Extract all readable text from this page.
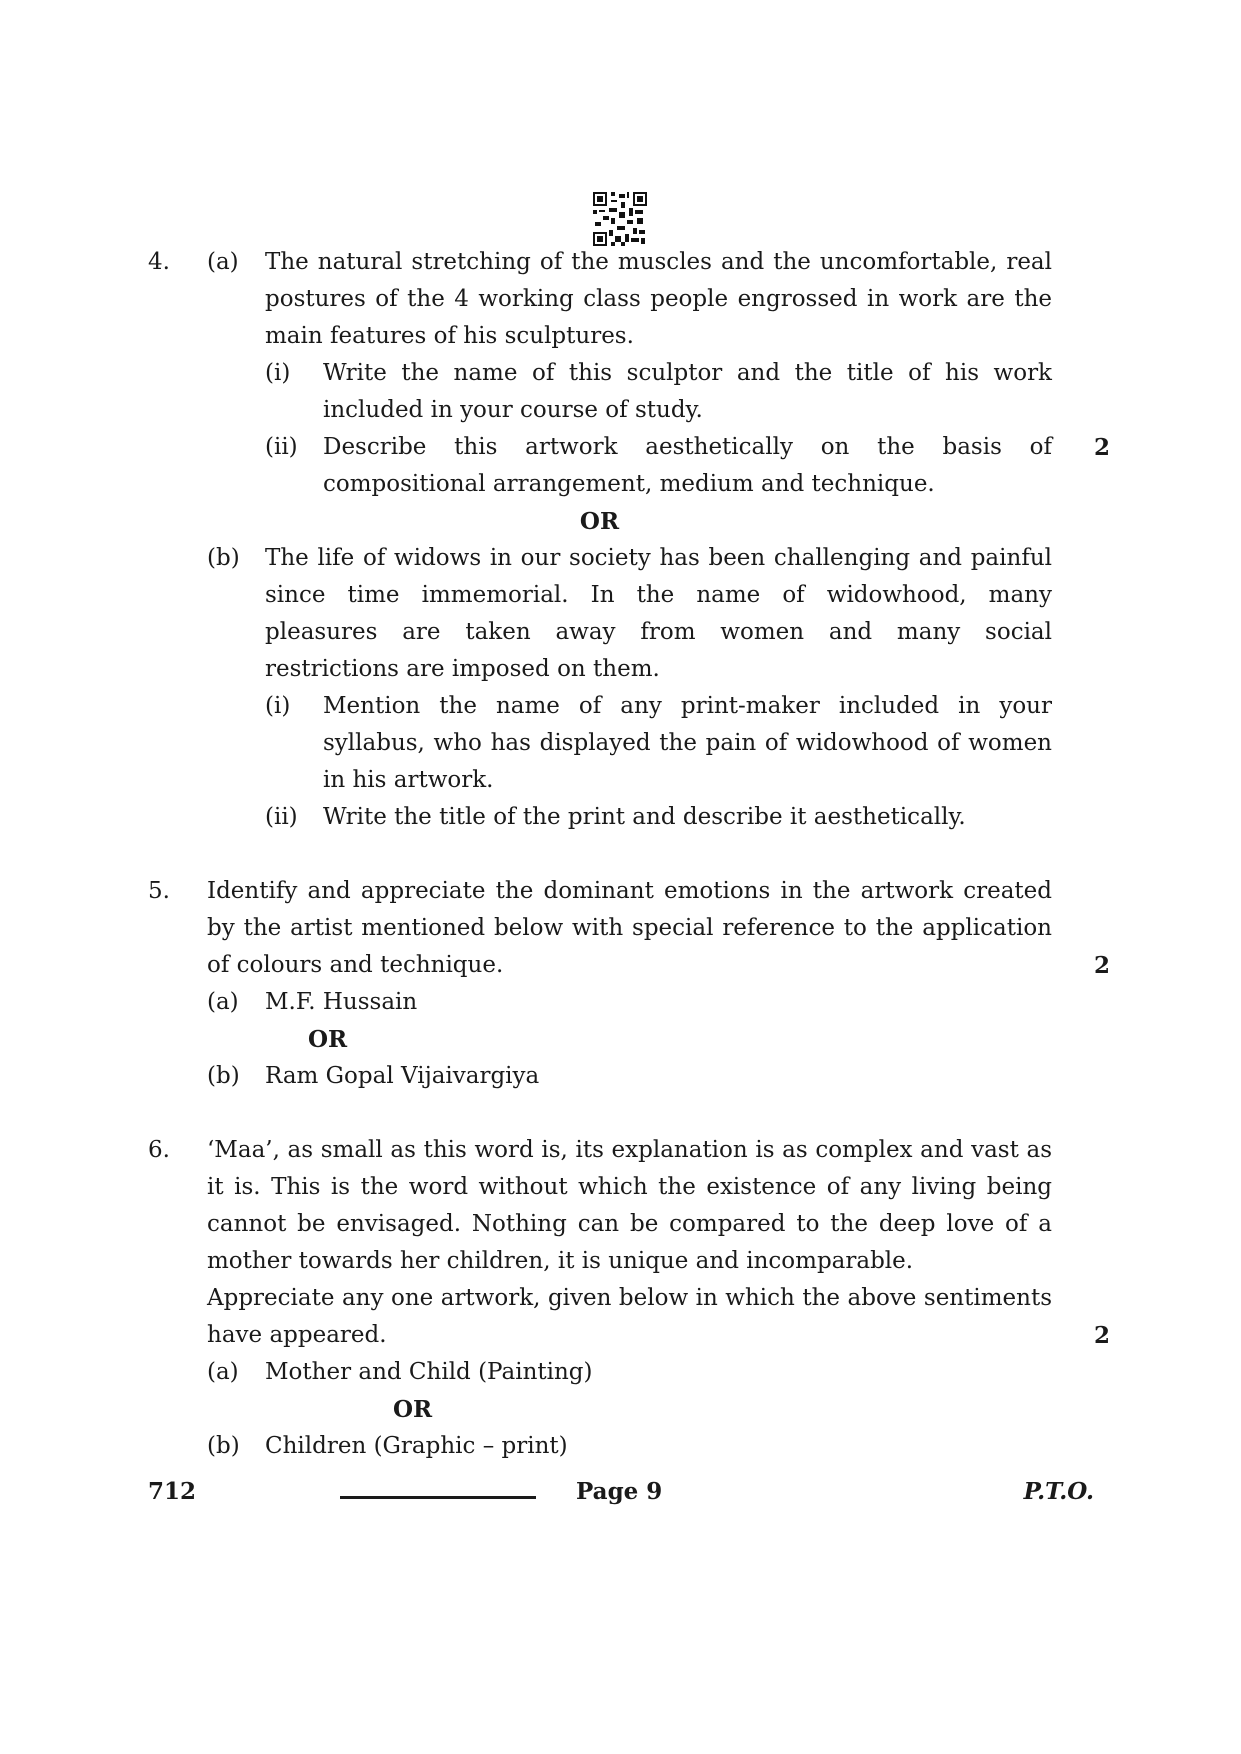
4. (a) The natural stretching of the muscles and the uncomfortable, real postures of the 4 working class people engrossed in work are the main features of his sculptures.
(i) Write the name of this sculptor and the title of his work included in your course of study.
(ii) Describe this artwork aesthetically on the basis of compositional arrangement, medium and technique.
2
OR
(b) The life of widows in our society has been challenging and painful since time immemorial. In the name of widowhood, many pleasures are taken away from women and many social restrictions are imposed on them.
(i) Mention the name of any print-maker included in your syllabus, who has displayed the pain of widowhood of women in his artwork.
(ii) Write the title of the print and describe it aesthetically.
5. Identify and appreciate the dominant emotions in the artwork created by the artist mentioned below with special reference to the application of colours and technique.	2
(a) M.F. Hussain
OR
(b) Ram Gopal Vijaivargiya
6. ‘Maa’, as small as this word is, its explanation is as complex and vast as it is. This is the word without which the existence of any living being cannot be envisaged. Nothing can be compared to the deep love of a mother towards her children, it is unique and incomparable.
Appreciate any one artwork, given below in which the above sentiments have appeared.	2
(a) Mother and Child (Painting)
OR
(b) Children (Graphic – print)
712	Page 9	P.T.O.
